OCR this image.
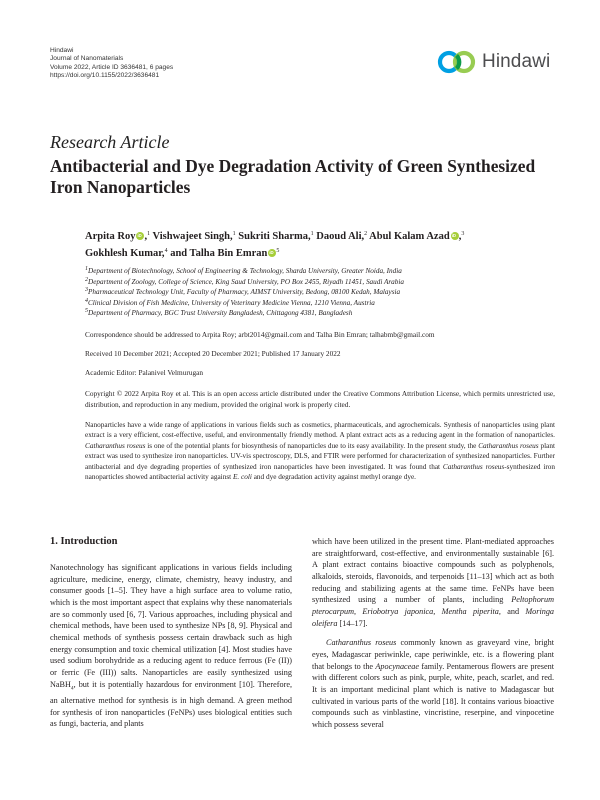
Hindawi
Journal of Nanomaterials
Volume 2022, Article ID 3636481, 6 pages
https://doi.org/10.1155/2022/3636481
Hindawi
Research Article
Antibacterial and Dye Degradation Activity of Green Synthesized Iron Nanoparticles
Arpita Roy iD ,$^1$ Vishwajeet Singh,$^1$ Sukriti Sharma,$^1$ Daoud Ali,$^2$ Abul Kalam AzadiD ,$^3$
Gokhlesh Kumar,$^4$ and Talha Bin Emran iD $^5$
$^1$Department of Biotechnology, School of Engineering & Technology, Sharda University, Greater Noida, India
$^2$Department of Zoology, College of Science, King Saud University, PO Box 2455, Riyadh 11451, Saudi Arabia
$^3$Pharmaceutical Technology Unit, Faculty of Pharmacy, AIMST University, Bedong, 08100 Kedah, Malaysia
$^4$Clinical Division of Fish Medicine, University of Veterinary Medicine Vienna, 1210 Vienna, Austria
$^5$Department of Pharmacy, BGC Trust University Bangladesh, Chittagong 4381, Bangladesh
Correspondence should be addressed to Arpita Roy; arbt2014@gmail.com and Talha Bin Emran; talhabmb@gmail.com
Received 10 December 2021; Accepted 20 December 2021; Published 17 January 2022
Academic Editor: Palanivel Velmurugan
Copyright © 2022 Arpita Roy et al. This is an open access article distributed under the Creative Commons Attribution License, which permits unrestricted use, distribution, and reproduction in any medium, provided the original work is properly cited.

Nanoparticles have a wide range of applications in various fields such as cosmetics, pharmaceuticals, and agrochemicals. Synthesis of nanoparticles using plant extract is a very efficient, cost-effective, useful, and environmentally friendly method. A plant extract acts as a reducing agent in the formation of nanoparticles. Catharanthus roseus is one of the potential plants for biosynthesis of nanoparticles due to its easy availability. In the present study, the Catharanthus roseus plant extract was used to synthesize iron nanoparticles. UV-vis spectroscopy, DLS, and FTIR were performed for characterization of synthesized nanoparticles. Further antibacterial and dye degrading properties of synthesized iron nanoparticles have been investigated. It was found that Catharanthus roseus-synthesized iron nanoparticles showed antibacterial activity against E. coli and dye degradation activity against methyl orange dye.

1. Introduction

Nanotechnology has significant applications in various fields including agriculture, medicine, energy, climate, chemistry, heavy industry, and consumer goods [1–5]. They have a high surface area to volume ratio, which is the most important aspect that explains why these nanomaterials are so commonly used [6, 7]. Various approaches, including physical and chemical methods, have been used to synthesize NPs [8, 9]. Physical and chemical methods of synthesis possess certain drawback such as high energy consumption and toxic chemical utilization [4]. Most studies have used sodium borohydride as a reducing agent to reduce ferrous (Fe (II)) or ferric (Fe (III)) salts. Nanoparticles are easily synthesized using NaBH$_4$, but it is potentially hazardous for environment [10]. Therefore, an alternative method for synthesis is in high demand. A green method for synthesis of iron nanoparticles (FeNPs) uses biological entities such as fungi, bacteria, and plants

which have been utilized in the present time. Plant-mediated approaches are straightforward, cost-effective, and environmentally sustainable [6]. A plant extract contains bioactive compounds such as polyphenols, alkaloids, steroids, flavonoids, and terpenoids [11–13] which act as both reducing and stabilizing agents at the same time. FeNPs have been synthesized using a number of plants, including Peltophorum pterocarpum, Eriobotrya japonica, Mentha piperita, and Moringa oleifera [14–17].

Catharanthus roseus commonly known as graveyard vine, bright eyes, Madagascar periwinkle, cape periwinkle, etc. is a flowering plant that belongs to the Apocynaceae family. Pentamerous flowers are present with different colors such as pink, purple, white, peach, scarlet, and red. It is an important medicinal plant which is native to Madagascar but cultivated in various parts of the world [18]. It contains various bioactive compounds such as vinblastine, vincristine, reserpine, and vinpocetine which possess several
